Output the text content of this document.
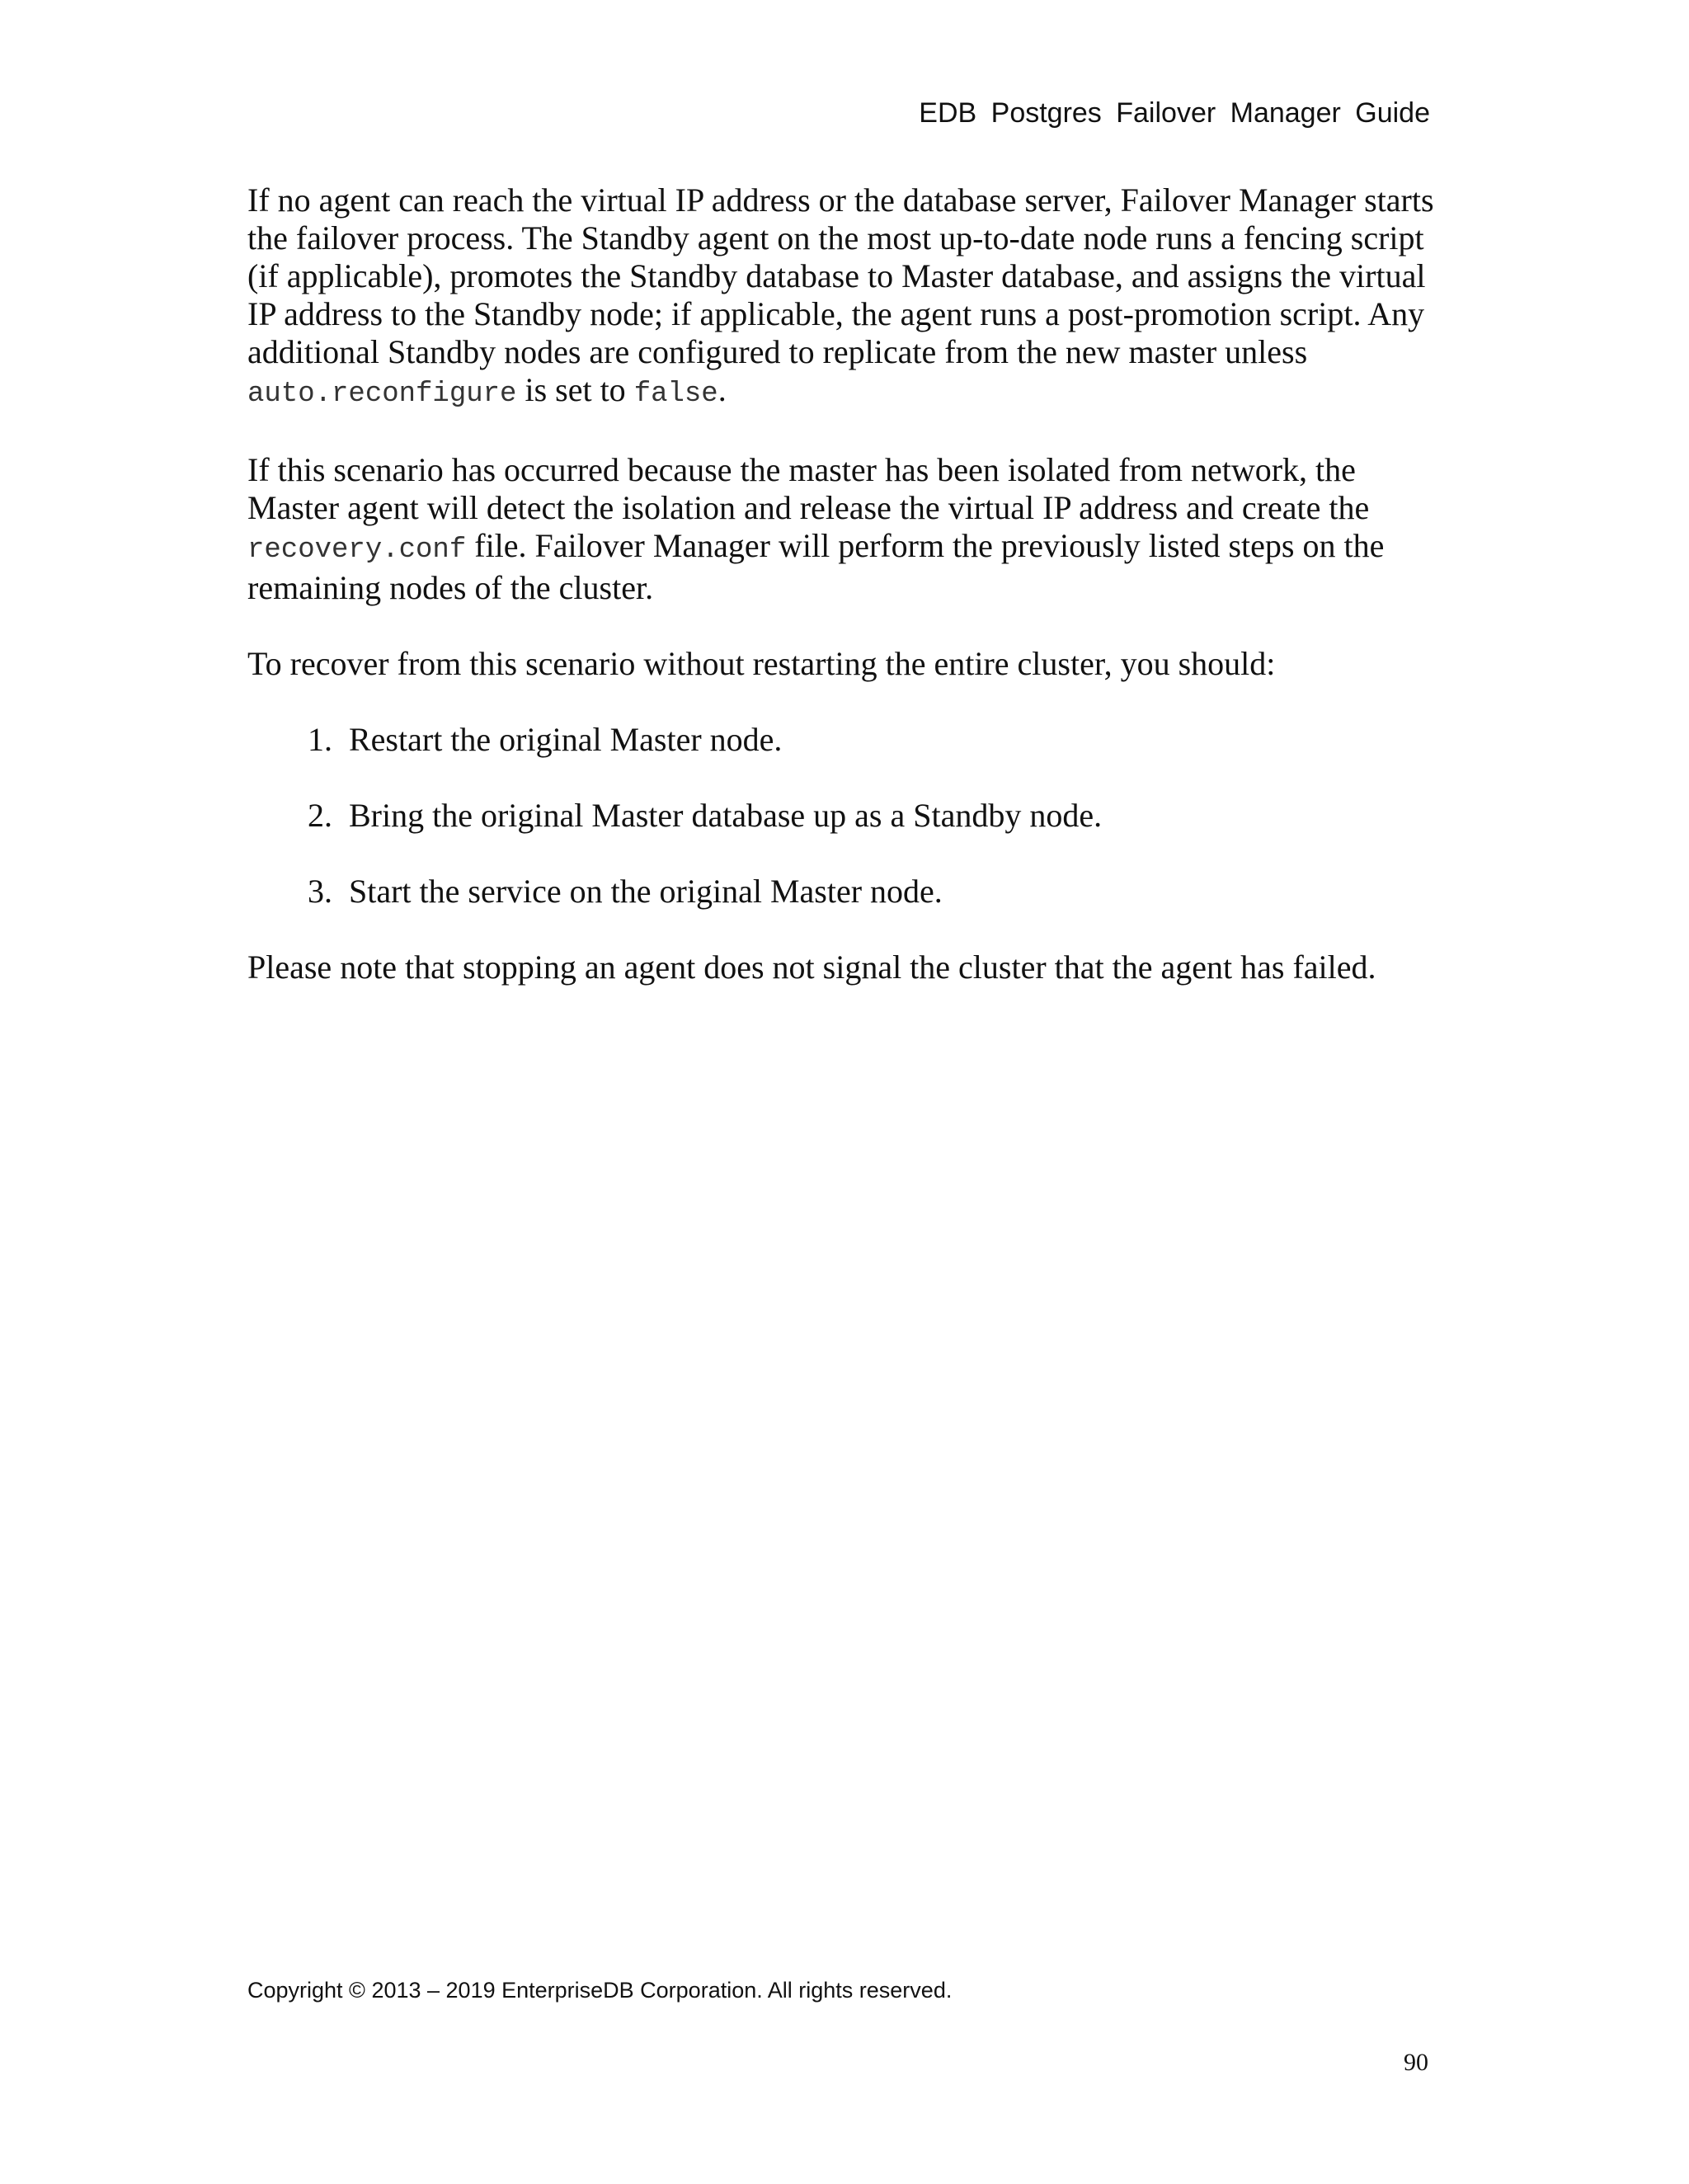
EDB Postgres Failover Manager Guide

If no agent can reach the virtual IP address or the database server, Failover Manager starts the failover process. The Standby agent on the most up-to-date node runs a fencing script (if applicable), promotes the Standby database to Master database, and assigns the virtual IP address to the Standby node; if applicable, the agent runs a post-promotion script. Any additional Standby nodes are configured to replicate from the new master unless auto.reconfigure is set to false.

If this scenario has occurred because the master has been isolated from network, the Master agent will detect the isolation and release the virtual IP address and create the recovery.conf file. Failover Manager will perform the previously listed steps on the remaining nodes of the cluster.

To recover from this scenario without restarting the entire cluster, you should:

1. Restart the original Master node.
2. Bring the original Master database up as a Standby node.
3. Start the service on the original Master node.

Please note that stopping an agent does not signal the cluster that the agent has failed.

Copyright © 2013 – 2019 EnterpriseDB Corporation. All rights reserved.
90
